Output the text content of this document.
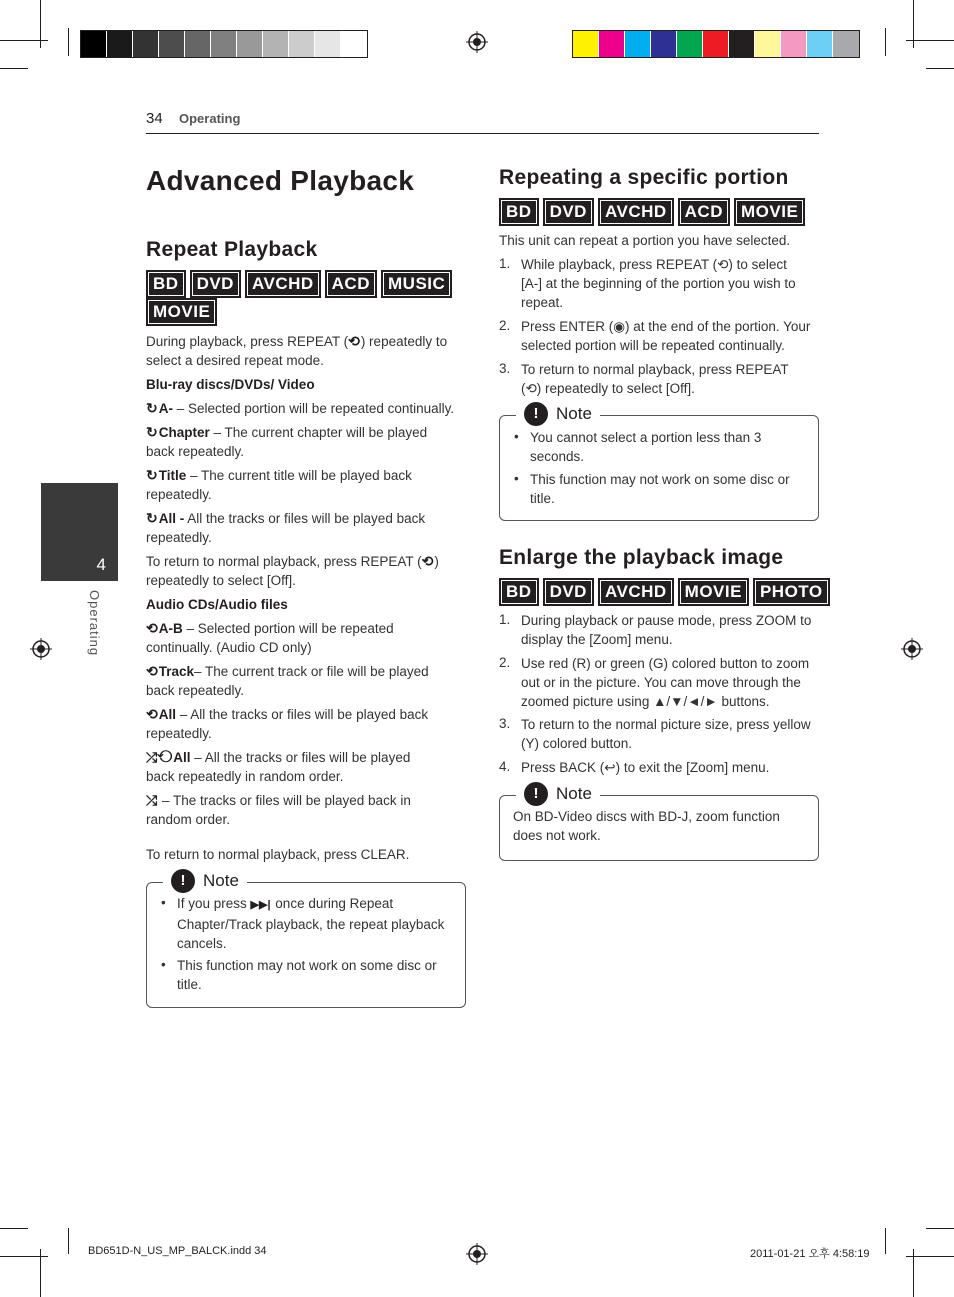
34 Operating
4
Operating
Advanced Playback
Repeat Playback
BD	DVD	AVCHD	ACD	MUSIC
MOVIE
During playback, press REPEAT (⟲) repeatedly to
select a desired repeat mode.
Blu-ray discs/DVDs/ Video
↻A- – Selected portion will be repeated continually.
↻Chapter – The current chapter will be played
back repeatedly.
↻Title – The current title will be played back
repeatedly.
↻All - All the tracks or files will be played back
repeatedly.
To return to normal playback, press REPEAT (⟲)
repeatedly to select [Off].
Audio CDs/Audio files
⟲A-B – Selected portion will be repeated
continually. (Audio CD only)
⟲Track– The current track or file will be played
back repeatedly.
⟲All – All the tracks or files will be played back
repeatedly.
⤮⟲All – All the tracks or files will be played
back repeatedly in random order.
⤮ – The tracks or files will be played back in
random order.
To return to normal playback, press CLEAR.
!	Note
• If you press ▶▶| once during Repeat
Chapter/Track playback, the repeat playback
cancels.
• This function may not work on some disc or
title.
Repeating a specific portion
BD	DVD	AVCHD	ACD	MOVIE
This unit can repeat a portion you have selected.
1. While playback, press REPEAT (⟲) to select
[A-] at the beginning of the portion you wish to
repeat.
2. Press ENTER (◉) at the end of the portion. Your
selected portion will be repeated continually.
3. To return to normal playback, press REPEAT
(⟲) repeatedly to select [Off].
!	Note
• You cannot select a portion less than 3
seconds.
• This function may not work on some disc or
title.
Enlarge the playback image
BD	DVD	AVCHD	MOVIE	PHOTO
1. During playback or pause mode, press ZOOM to
display the [Zoom] menu.
2. Use red (R) or green (G) colored button to zoom
out or in the picture. You can move through the
zoomed picture using ▲/▼/◄/► buttons.
3. To return to the normal picture size, press yellow
(Y) colored button.
4. Press BACK (↩) to exit the [Zoom] menu.
!	Note
On BD-Video discs with BD-J, zoom function
does not work.
BD651D-N_US_MP_BALCK.indd 34	2011-01-21 오후 4:58:19
